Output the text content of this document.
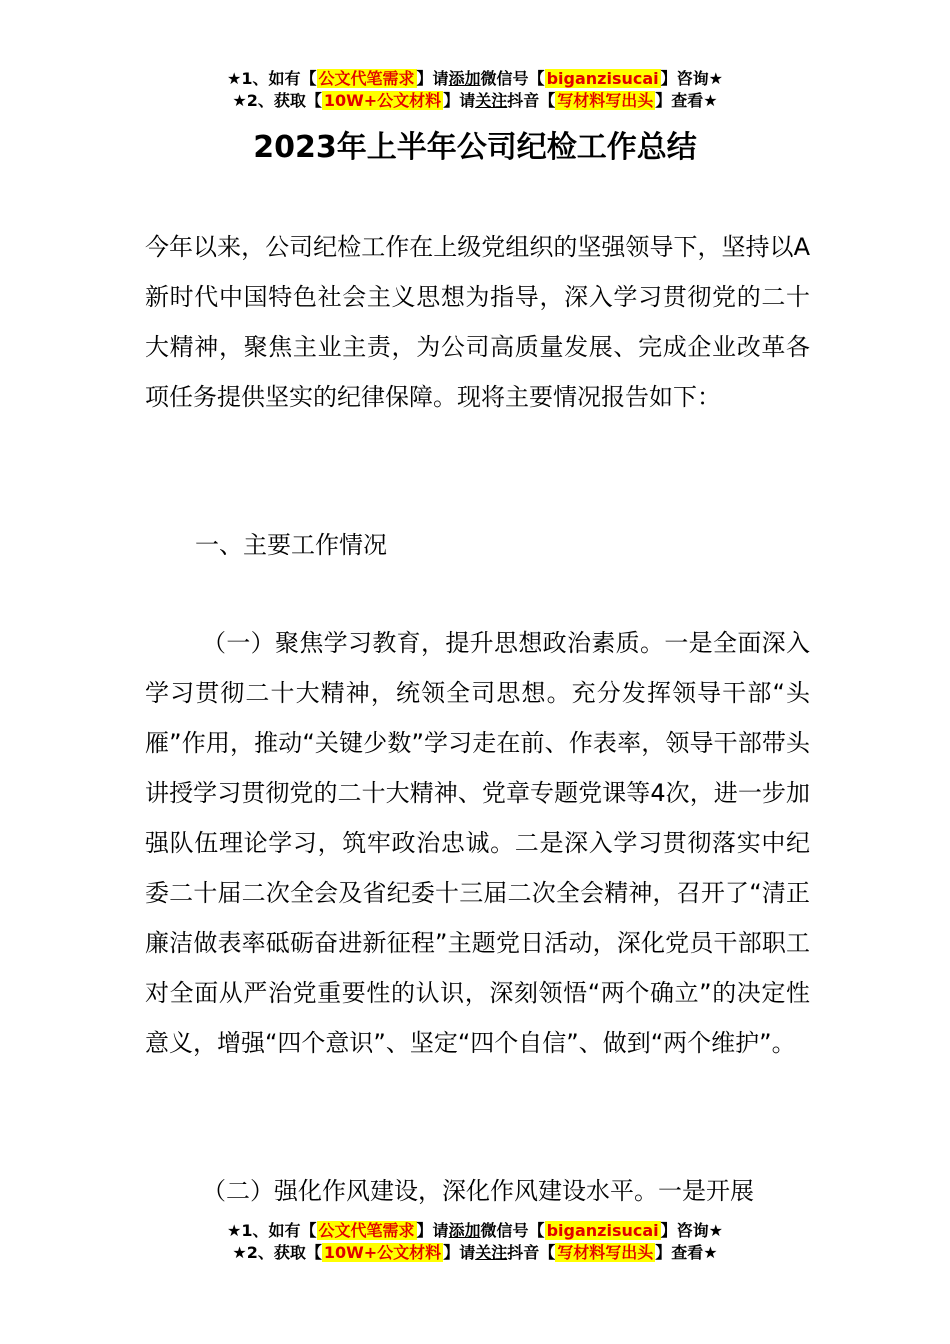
★1、如有【 公文代笔需求 】请添加微信号【 biganzisucai 】咨询★
★2、获取【 10W+公文材料 】请关注抖音【 写材料写出头 】查看★
2023年上半年公司纪检工作总结

今年以来，公司纪检工作在上级党组织的坚强领导下，坚持以A新时代中国特色社会主义思想为指导，深入学习贯彻党的二十大精神，聚焦主业主责，为公司高质量发展、完成企业改革各项任务提供坚实的纪律保障。现将主要情况报告如下：

一、主要工作情况

（一）聚焦学习教育，提升思想政治素质。一是全面深入学习贯彻二十大精神，统领全司思想。充分发挥领导干部“头雁”作用，推动“关键少数”学习走在前、作表率，领导干部带头讲授学习贯彻党的二十大精神、党章专题党课等4次，进一步加强队伍理论学习，筑牢政治忠诚。二是深入学习贯彻落实中纪委二十届二次全会及省纪委十三届二次全会精神，召开了“清正廉洁做表率砥砺奋进新征程”主题党日活动，深化党员干部职工对全面从严治党重要性的认识，深刻领悟“两个确立”的决定性意义，增强“四个意识”、坚定“四个自信”、做到“两个维护”。

（二）强化作风建设，深化作风建设水平。一是开展

★1、如有【 公文代笔需求 】请添加微信号【 biganzisucai 】咨询★
★2、获取【 10W+公文材料 】请关注抖音【 写材料写出头 】查看★
